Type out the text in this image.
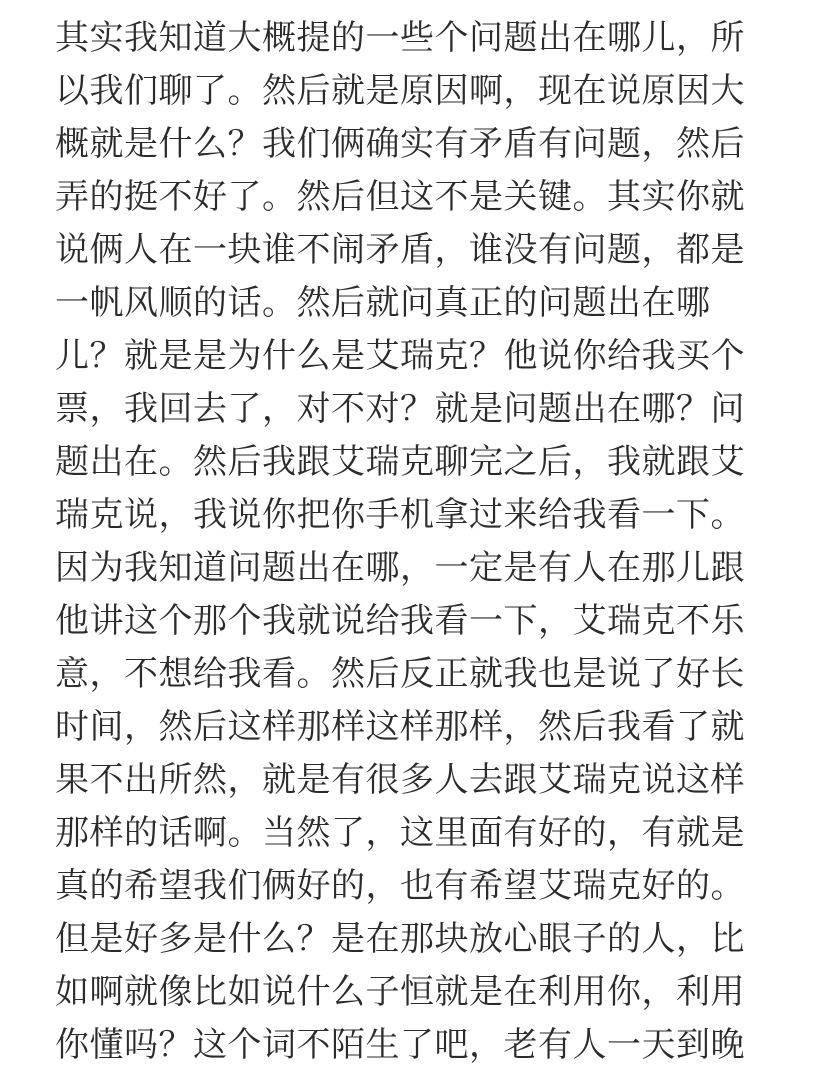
其实我知道大概提的一些个问题出在哪儿，所
以我们聊了。然后就是原因啊，现在说原因大
概就是什么？我们俩确实有矛盾有问题，然后
弄的挺不好了。然后但这不是关键。其实你就
说俩人在一块谁不闹矛盾，谁没有问题，都是
一帆风顺的话。然后就问真正的问题出在哪
儿？就是是为什么是艾瑞克？他说你给我买个
票，我回去了，对不对？就是问题出在哪？问
题出在。然后我跟艾瑞克聊完之后，我就跟艾
瑞克说，我说你把你手机拿过来给我看一下。
因为我知道问题出在哪，一定是有人在那儿跟
他讲这个那个我就说给我看一下，艾瑞克不乐
意，不想给我看。然后反正就我也是说了好长
时间，然后这样那样这样那样，然后我看了就
果不出所然，就是有很多人去跟艾瑞克说这样
那样的话啊。当然了，这里面有好的，有就是
真的希望我们俩好的，也有希望艾瑞克好的。
但是好多是什么？是在那块放心眼子的人，比
如啊就像比如说什么子恒就是在利用你，利用
你懂吗？这个词不陌生了吧，老有人一天到晚
